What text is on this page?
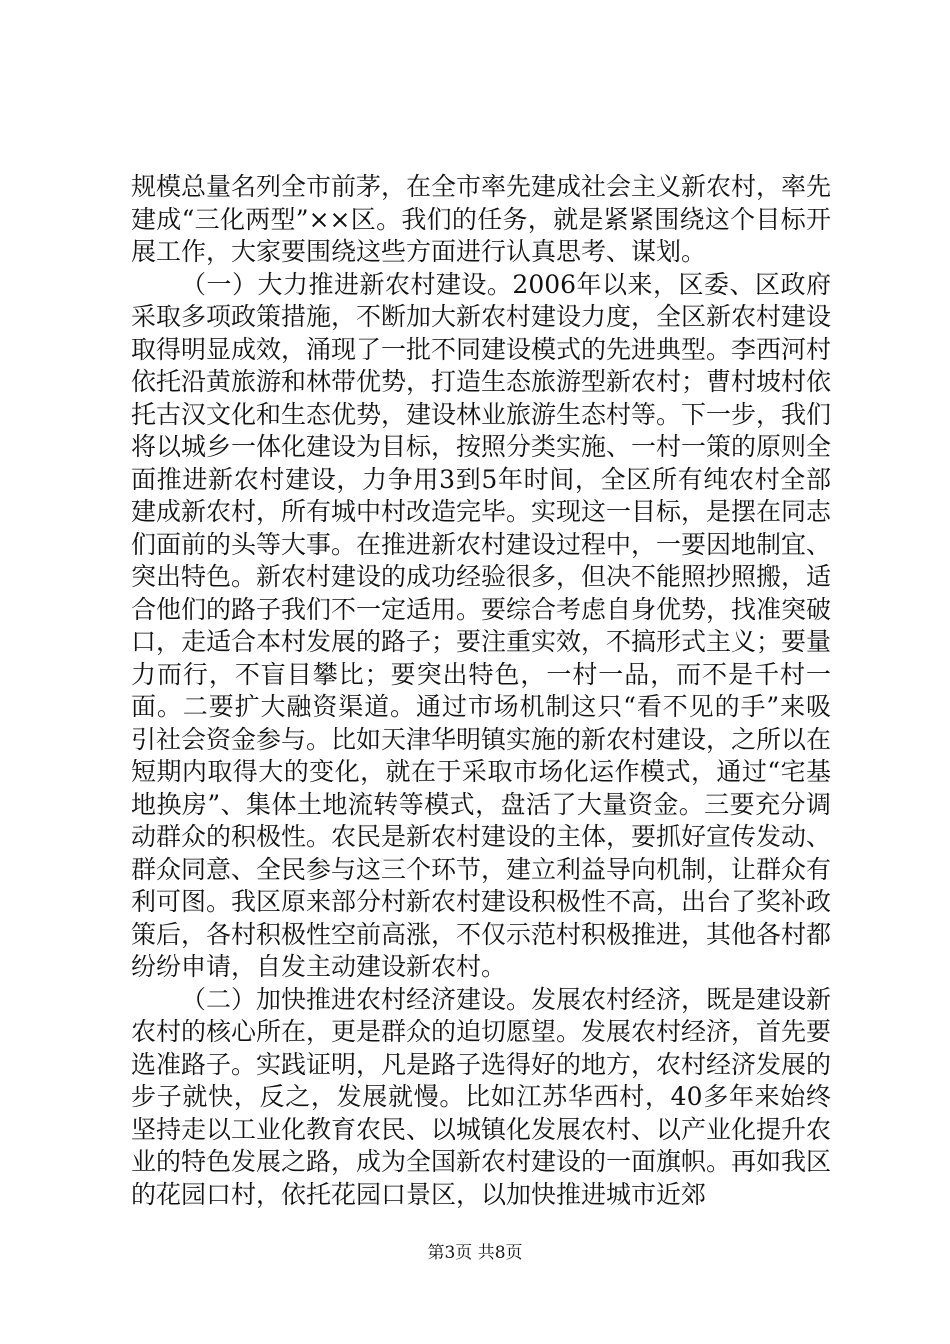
规模总量名列全市前茅，在全市率先建成社会主义新农村，率先建成“三化两型”××区。我们的任务，就是紧紧围绕这个目标开展工作，大家要围绕这些方面进行认真思考、谋划。

（一）大力推进新农村建设。2006年以来，区委、区政府采取多项政策措施，不断加大新农村建设力度，全区新农村建设取得明显成效，涌现了一批不同建设模式的先进典型。李西河村依托沿黄旅游和林带优势，打造生态旅游型新农村；曹村坡村依托古汉文化和生态优势，建设林业旅游生态村等。下一步，我们将以城乡一体化建设为目标，按照分类实施、一村一策的原则全面推进新农村建设，力争用3到5年时间，全区所有纯农村全部建成新农村，所有城中村改造完毕。实现这一目标，是摆在同志们面前的头等大事。在推进新农村建设过程中，一要因地制宜、突出特色。新农村建设的成功经验很多，但决不能照抄照搬，适合他们的路子我们不一定适用。要综合考虑自身优势，找准突破口，走适合本村发展的路子；要注重实效，不搞形式主义；要量力而行，不盲目攀比；要突出特色，一村一品，而不是千村一面。二要扩大融资渠道。通过市场机制这只“看不见的手”来吸引社会资金参与。比如天津华明镇实施的新农村建设，之所以在短期内取得大的变化，就在于采取市场化运作模式，通过“宅基地换房”、集体土地流转等模式，盘活了大量资金。三要充分调动群众的积极性。农民是新农村建设的主体，要抓好宣传发动、群众同意、全民参与这三个环节，建立利益导向机制，让群众有利可图。我区原来部分村新农村建设积极性不高，出台了奖补政策后，各村积极性空前高涨，不仅示范村积极推进，其他各村都纷纷申请，自发主动建设新农村。

（二）加快推进农村经济建设。发展农村经济，既是建设新农村的核心所在，更是群众的迫切愿望。发展农村经济，首先要选准路子。实践证明，凡是路子选得好的地方，农村经济发展的步子就快，反之，发展就慢。比如江苏华西村，40多年来始终坚持走以工业化教育农民、以城镇化发展农村、以产业化提升农业的特色发展之路，成为全国新农村建设的一面旗帜。再如我区的花园口村，依托花园口景区，以加快推进城市近郊

第3页 共8页
